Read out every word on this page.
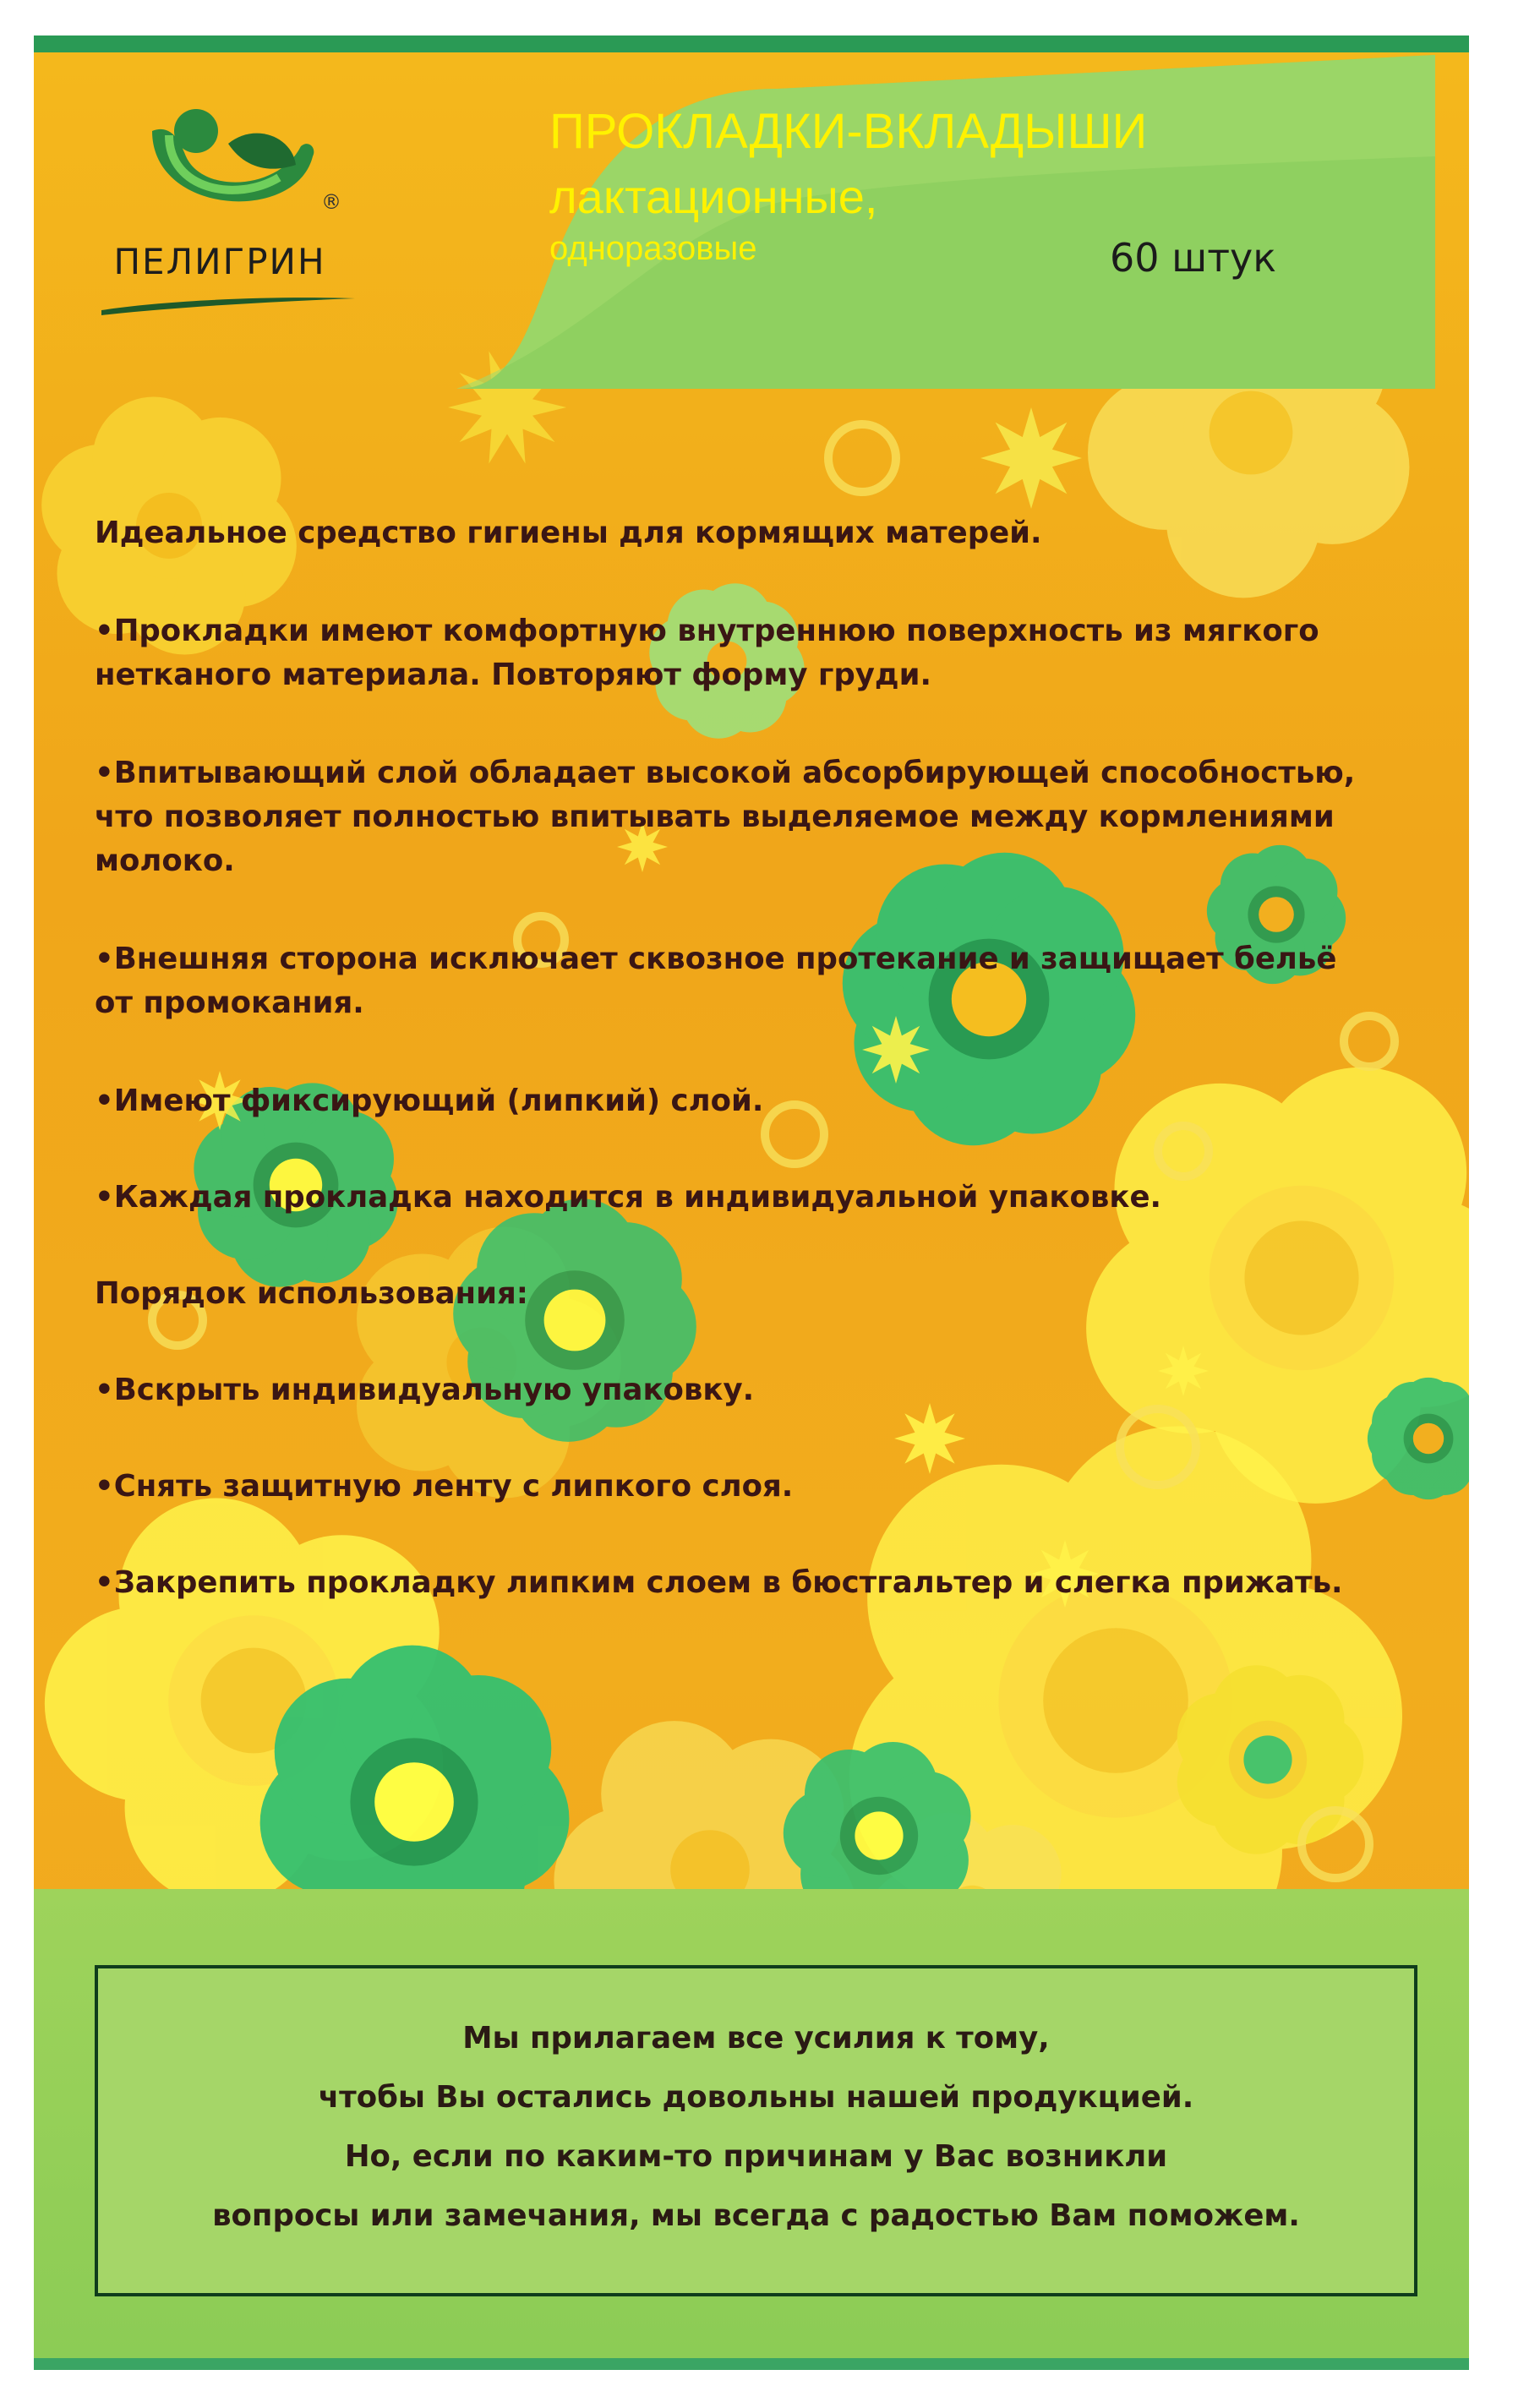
®
ПЕЛИГРИН
ПРОКЛАДКИ-ВКЛАДЫШИ
лактационные,
одноразовые	60 штук

Идеальное средство гигиены для кормящих матерей.

•Прокладки имеют комфортную внутреннюю поверхность из мягкого нетканого материала. Повторяют форму груди.

•Впитывающий слой обладает высокой абсорбирующей способностью, что позволяет полностью впитывать выделяемое между кормлениями молоко.

•Внешняя сторона исключает сквозное протекание и защищает бельё от промокания.

•Имеют фиксирующий (липкий) слой.

•Каждая прокладка находится в индивидуальной упаковке.

Порядок использования:

•Вскрыть индивидуальную упаковку.

•Снять защитную ленту с липкого слоя.

•Закрепить прокладку липким слоем в бюстгальтер и слегка прижать.

Мы прилагаем все усилия к тому,
чтобы Вы остались довольны нашей продукцией.
Но, если по каким-то причинам у Вас возникли
вопросы или замечания, мы всегда с радостью Вам поможем.
